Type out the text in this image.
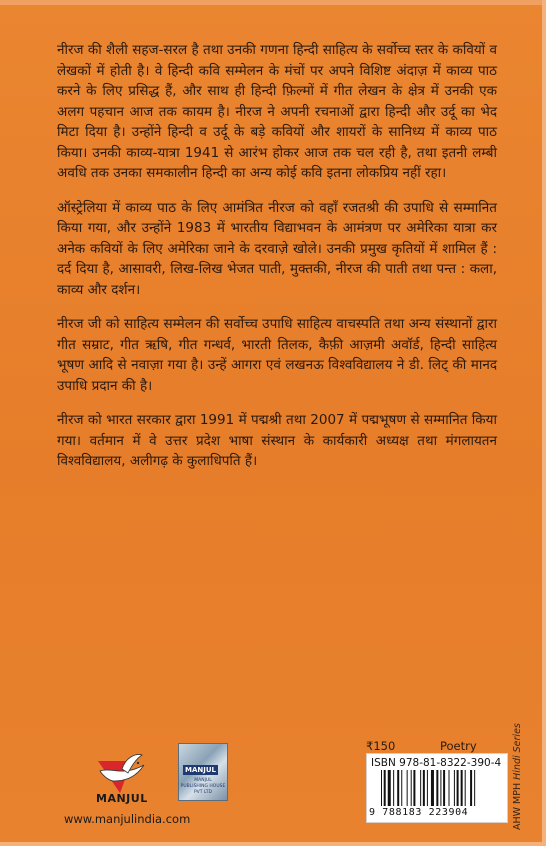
नीरज की शैली सहज-सरल है तथा उनकी गणना हिन्दी साहित्य के सर्वोच्च स्तर के कवियों व लेखकों में होती है। वे हिन्दी कवि सम्मेलन के मंचों पर अपने विशिष्ट अंदाज़ में काव्य पाठ करने के लिए प्रसिद्ध हैं, और साथ ही हिन्दी फ़िल्मों में गीत लेखन के क्षेत्र में उनकी एक अलग पहचान आज तक कायम है। नीरज ने अपनी रचनाओं द्वारा हिन्दी और उर्दू का भेद मिटा दिया है। उन्होंने हिन्दी व उर्दू के बड़े कवियों और शायरों के सानिध्य में काव्य पाठ किया। उनकी काव्य-यात्रा 1941 से आरंभ होकर आज तक चल रही है, तथा इतनी लम्बी अवधि तक उनका समकालीन हिन्दी का अन्य कोई कवि इतना लोकप्रिय नहीं रहा।

ऑस्ट्रेलिया में काव्य पाठ के लिए आमंत्रित नीरज को वहाँ रजतश्री की उपाधि से सम्मानित किया गया, और उन्होंने 1983 में भारतीय विद्याभवन के आमंत्रण पर अमेरिका यात्रा कर अनेक कवियों के लिए अमेरिका जाने के दरवाज़े खोले। उनकी प्रमुख कृतियों में शामिल हैं : दर्द दिया है, आसावरी, लिख-लिख भेजत पाती, मुक्तकी, नीरज की पाती तथा पन्त : कला, काव्य और दर्शन।

नीरज जी को साहित्य सम्मेलन की सर्वोच्च उपाधि साहित्य वाचस्पति तथा अन्य संस्थानों द्वारा गीत सम्राट, गीत ऋषि, गीत गन्धर्व, भारती तिलक, कैफ़ी आज़मी अवॉर्ड, हिन्दी साहित्य भूषण आदि से नवाज़ा गया है। उन्हें आगरा एवं लखनऊ विश्वविद्यालय ने डी. लिट् की मानद उपाधि प्रदान की है।

नीरज को भारत सरकार द्वारा 1991 में पद्मश्री तथा 2007 में पद्मभूषण से सम्मानित किया गया। वर्तमान में वे उत्तर प्रदेश भाषा संस्थान के कार्यकारी अध्यक्ष तथा मंगलायतन विश्वविद्यालय, अलीगढ़ के कुलाधिपति हैं।

MANJUL
www.manjulindia.com
MANJUL
MANJUL PUBLISHING HOUSE PVT LTD
₹150	Poetry
ISBN 978-81-8322-390-4
9 788183 223904	AHW MPH Hindi Series
